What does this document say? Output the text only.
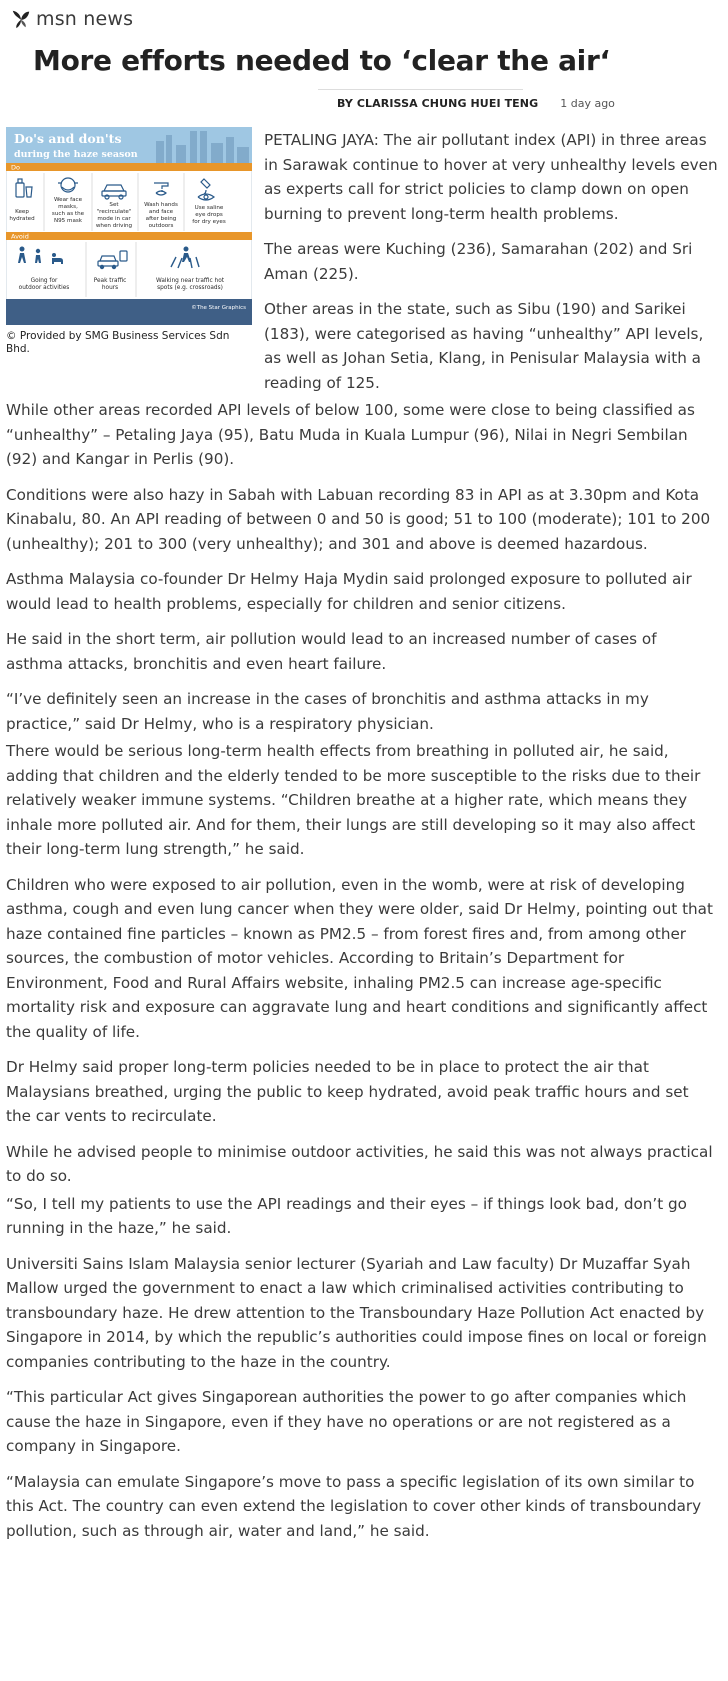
msn news
More efforts needed to ‘clear the air‘
BY CLARISSA CHUNG HUEI TENG 1 day ago
Do's and don'ts
during the haze season
Do
Keep hydrated
Wear face masks, such as the N95 mask
Set "recirculate" mode in car when driving
Wash hands and face after being outdoors
Use saline eye drops for dry eyes
Avoid
Going for outdoor activities
Peak traffic hours
Walking near traffic hot spots (e.g. crossroads)
©The Star Graphics
© Provided by SMG Business Services Sdn Bhd.

PETALING JAYA: The air pollutant index (API) in three areas in Sarawak continue to hover at very unhealthy levels even as experts call for strict policies to clamp down on open burning to prevent long-term health problems.

The areas were Kuching (236), Samarahan (202) and Sri Aman (225).

Other areas in the state, such as Sibu (190) and Sarikei (183), were categorised as having “unhealthy” API levels, as well as Johan Setia, Klang, in Penisular Malaysia with a reading of 125.

While other areas recorded API levels of below 100, some were close to being classified as “unhealthy” – Petaling Jaya (95), Batu Muda in Kuala Lumpur (96), Nilai in Negri Sembilan (92) and Kangar in Perlis (90).

Conditions were also hazy in Sabah with Labuan recording 83 in API as at 3.30pm and Kota Kinabalu, 80. An API reading of between 0 and 50 is good; 51 to 100 (moderate); 101 to 200 (unhealthy); 201 to 300 (very unhealthy); and 301 and above is deemed hazardous.

Asthma Malaysia co-founder Dr Helmy Haja Mydin said prolonged exposure to polluted air would lead to health problems, especially for children and senior citizens.

He said in the short term, air pollution would lead to an increased number of cases of asthma attacks, bronchitis and even heart failure.

“I’ve definitely seen an increase in the cases of bronchitis and asthma attacks in my practice,” said Dr Helmy, who is a respiratory physician.

There would be serious long-term health effects from breathing in polluted air, he said, adding that children and the elderly tended to be more susceptible to the risks due to their relatively weaker immune systems. “Children breathe at a higher rate, which means they inhale more polluted air. And for them, their lungs are still developing so it may also affect their long-term lung strength,” he said.

Children who were exposed to air pollution, even in the womb, were at risk of developing asthma, cough and even lung cancer when they were older, said Dr Helmy, pointing out that haze contained fine particles – known as PM2.5 – from forest fires and, from among other sources, the combustion of motor vehicles. According to Britain’s Department for Environment, Food and Rural Affairs website, inhaling PM2.5 can increase age-specific mortality risk and exposure can aggravate lung and heart conditions and significantly affect the quality of life.

Dr Helmy said proper long-term policies needed to be in place to protect the air that Malaysians breathed, urging the public to keep hydrated, avoid peak traffic hours and set the car vents to recirculate.

While he advised people to minimise outdoor activities, he said this was not always practical to do so.

“So, I tell my patients to use the API readings and their eyes – if things look bad, don’t go running in the haze,” he said.

Universiti Sains Islam Malaysia senior lecturer (Syariah and Law faculty) Dr Muzaffar Syah Mallow urged the government to enact a law which criminalised activities contributing to transboundary haze. He drew attention to the Transboundary Haze Pollution Act enacted by Singapore in 2014, by which the republic’s authorities could impose fines on local or foreign companies contributing to the haze in the country.

“This particular Act gives Singaporean authorities the power to go after companies which cause the haze in Singapore, even if they have no operations or are not registered as a company in Singapore.

“Malaysia can emulate Singapore’s move to pass a specific legislation of its own similar to this Act. The country can even extend the legislation to cover other kinds of transboundary pollution, such as through air, water and land,” he said.
